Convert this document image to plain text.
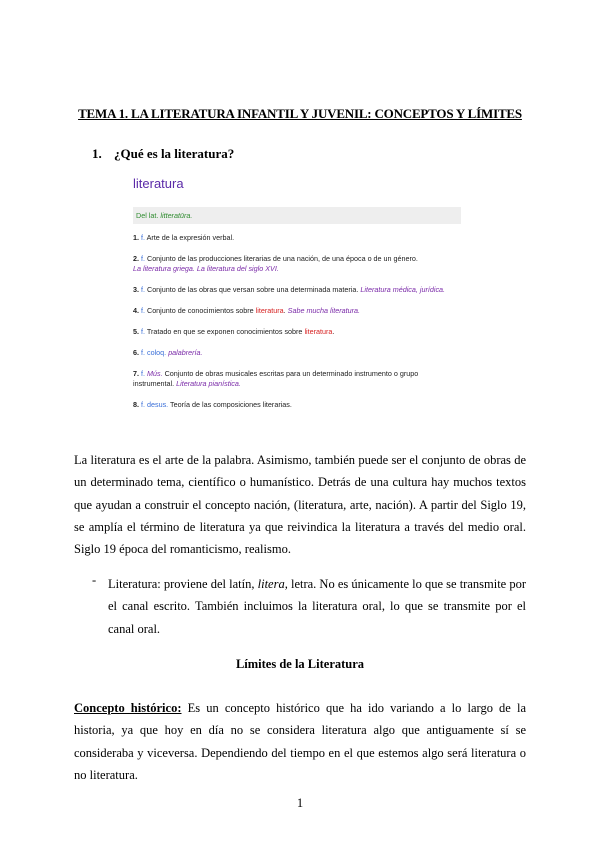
TEMA 1. LA LITERATURA INFANTIL Y JUVENIL: CONCEPTOS Y LÍMITES
1. ¿Qué es la literatura?
literatura
Del lat. litteratūra.
1. f. Arte de la expresión verbal.
2. f. Conjunto de las producciones literarias de una nación, de una época o de un género.
La literatura griega. La literatura del siglo XVI.
3. f. Conjunto de las obras que versan sobre una determinada materia. Literatura médica, jurídica.
4. f. Conjunto de conocimientos sobre literatura. Sabe mucha literatura.
5. f. Tratado en que se exponen conocimientos sobre literatura.
6. f. coloq. palabrería.
7. f. Mús. Conjunto de obras musicales escritas para un determinado instrumento o grupo instrumental. Literatura pianística.
8. f. desus. Teoría de las composiciones literarias.
La literatura es el arte de la palabra. Asimismo, también puede ser el conjunto de obras de un determinado tema, científico o humanístico. Detrás de una cultura hay muchos textos que ayudan a construir el concepto nación, (literatura, arte, nación). A partir del Siglo 19, se amplía el término de literatura ya que reivindica la literatura a través del medio oral. Siglo 19 época del romanticismo, realismo.
- Literatura: proviene del latín, litera, letra. No es únicamente lo que se transmite por el canal escrito. También incluimos la literatura oral, lo que se transmite por el canal oral.
Límites de la Literatura
Concepto histórico: Es un concepto histórico que ha ido variando a lo largo de la historia, ya que hoy en día no se considera literatura algo que antiguamente sí se consideraba y viceversa. Dependiendo del tiempo en el que estemos algo será literatura o no literatura.
1
